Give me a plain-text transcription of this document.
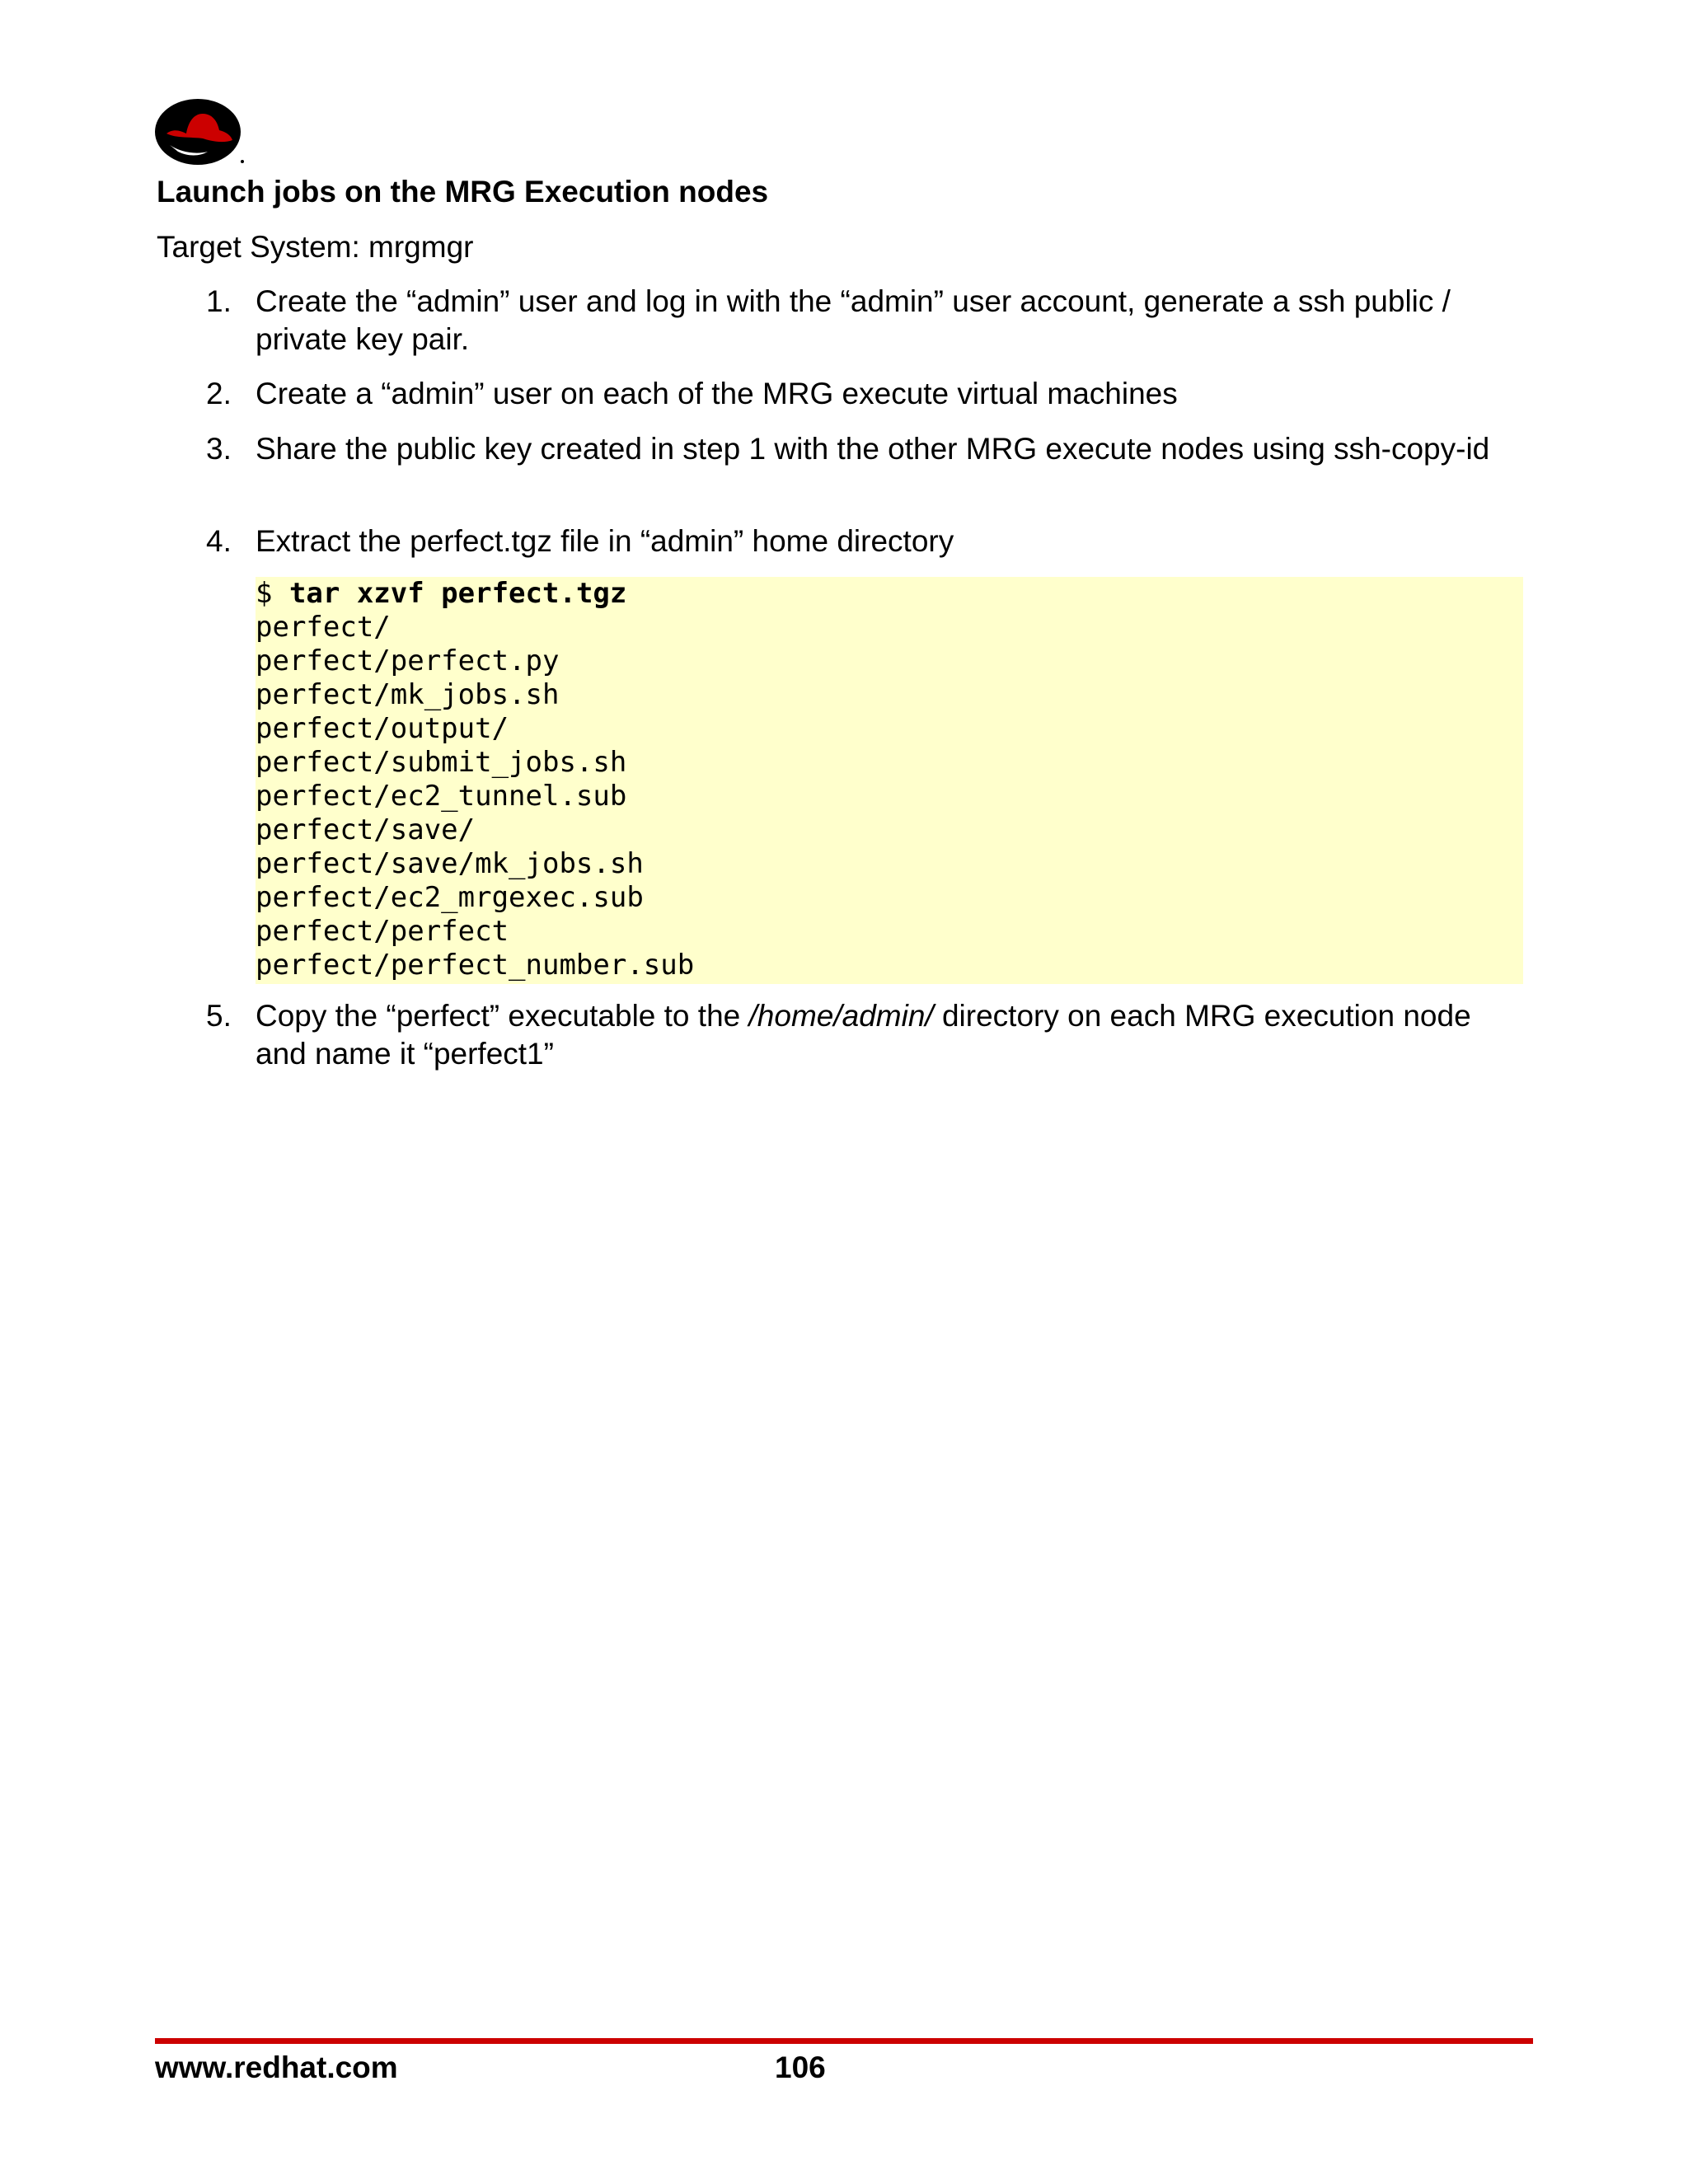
Launch jobs on the MRG Execution nodes
Target System: mrgmgr
1. Create the “admin” user and log in with the “admin” user account, generate a ssh public / private key pair.
2. Create a “admin” user on each of the MRG execute virtual machines
3. Share the public key created in step 1 with the other MRG execute nodes using ssh-copy-id
4. Extract the perfect.tgz file in “admin” home directory
$ tar xzvf perfect.tgz
perfect/
perfect/perfect.py
perfect/mk_jobs.sh
perfect/output/
perfect/submit_jobs.sh
perfect/ec2_tunnel.sub
perfect/save/
perfect/save/mk_jobs.sh
perfect/ec2_mrgexec.sub
perfect/perfect
perfect/perfect_number.sub
5. Copy the “perfect” executable to the /home/admin/ directory on each MRG execution node and name it “perfect1”
www.redhat.com	106
